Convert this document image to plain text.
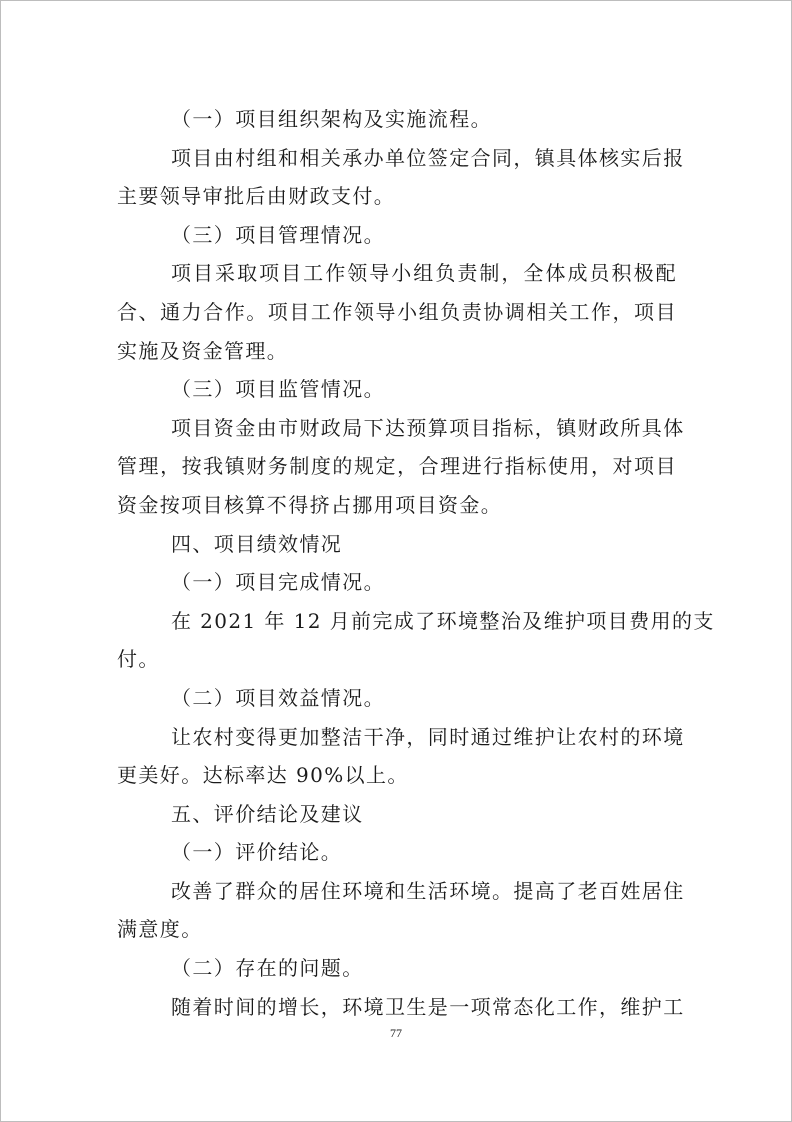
（一）项目组织架构及实施流程。
项目由村组和相关承办单位签定合同，镇具体核实后报
主要领导审批后由财政支付。
（三）项目管理情况。
项目采取项目工作领导小组负责制，全体成员积极配
合、通力合作。项目工作领导小组负责协调相关工作，项目
实施及资金管理。
（三）项目监管情况。
项目资金由市财政局下达预算项目指标，镇财政所具体
管理，按我镇财务制度的规定，合理进行指标使用，对项目
资金按项目核算不得挤占挪用项目资金。
四、项目绩效情况
（一）项目完成情况。
在 2021 年 12 月前完成了环境整治及维护项目费用的支
付。
（二）项目效益情况。
让农村变得更加整洁干净，同时通过维护让农村的环境
更美好。达标率达 90%以上。
五、评价结论及建议
（一）评价结论。
改善了群众的居住环境和生活环境。提高了老百姓居住
满意度。
（二）存在的问题。
随着时间的增长，环境卫生是一项常态化工作，维护工
77
